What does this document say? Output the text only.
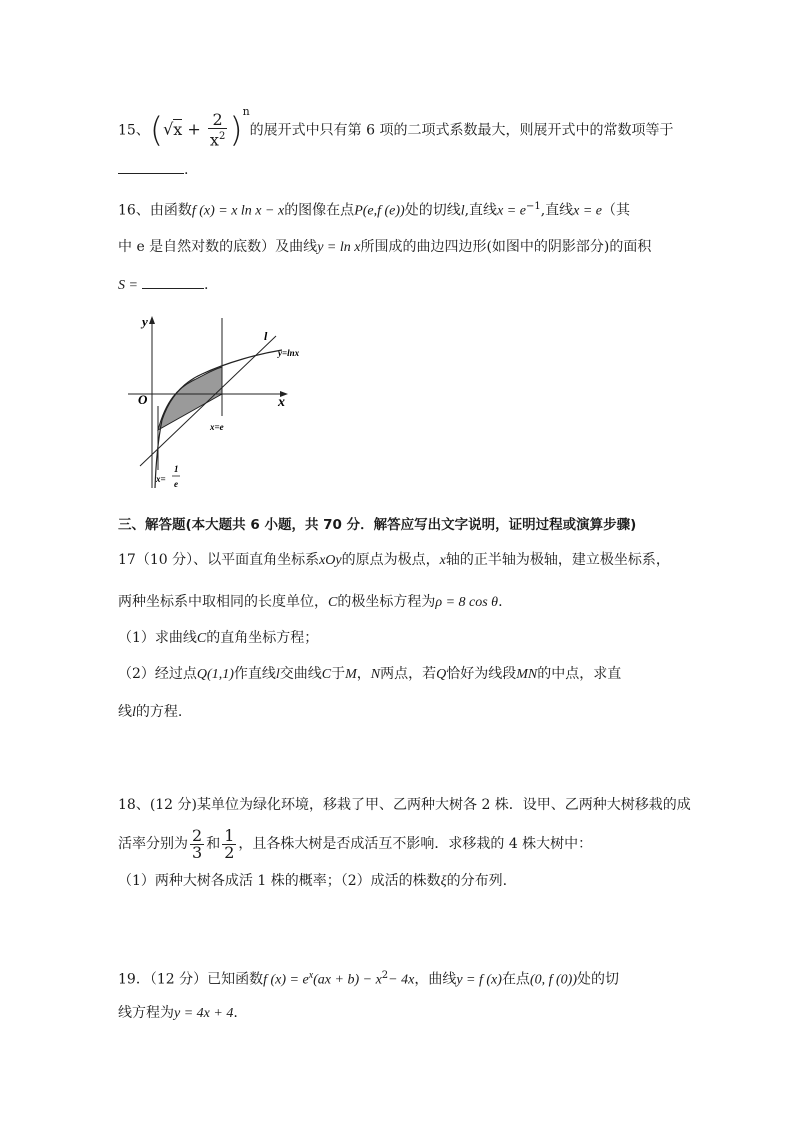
15、$(√x + \frac{2}{x^2} )^n$的展开式中只有第 6 项的二项式系数最大，则展开式中的常数项等于
.
16、由函数f (x) = x ln x − x的图像在点P(e,f (e))处的切线l,直线$x = e^{-1}$,直线x = e（其
中 e 是自然对数的底数）及曲线y = ln x所围成的曲边四边形(如图中的阴影部分)的面积
S =	.
y
x
O
l
y=lnx
x=e
x=
1
e
三、解答题(本大题共 6 小题，共 70 分．解答应写出文字说明，证明过程或演算步骤)
17（10 分）、以平面直角坐标系xOy的原点为极点，x轴的正半轴为极轴，建立极坐标系，
两种坐标系中取相同的长度单位，C的极坐标方程为ρ = 8 cos θ.
（1）求曲线C的直角坐标方程；
（2）经过点Q(1,1)作直线l交曲线C于M，N两点，若Q恰好为线段MN的中点，求直
线l的方程.
18、(12 分)某单位为绿化环境，移栽了甲、乙两种大树各 2 株．设甲、乙两种大树移栽的成
活率分别为 $\frac{2}{3}$ 和 $\frac{1}{2}$ ，且各株大树是否成活互不影响．求移栽的 4 株大树中：
（1）两种大树各成活 1 株的概率；（2）成活的株数ξ的分布列.
19．（12 分）已知函数f $(x) = e^x(ax + b) - x^2- 4x$，曲线y = f (x)在点(0, f (0))处的切
线方程为y = 4x + 4.
